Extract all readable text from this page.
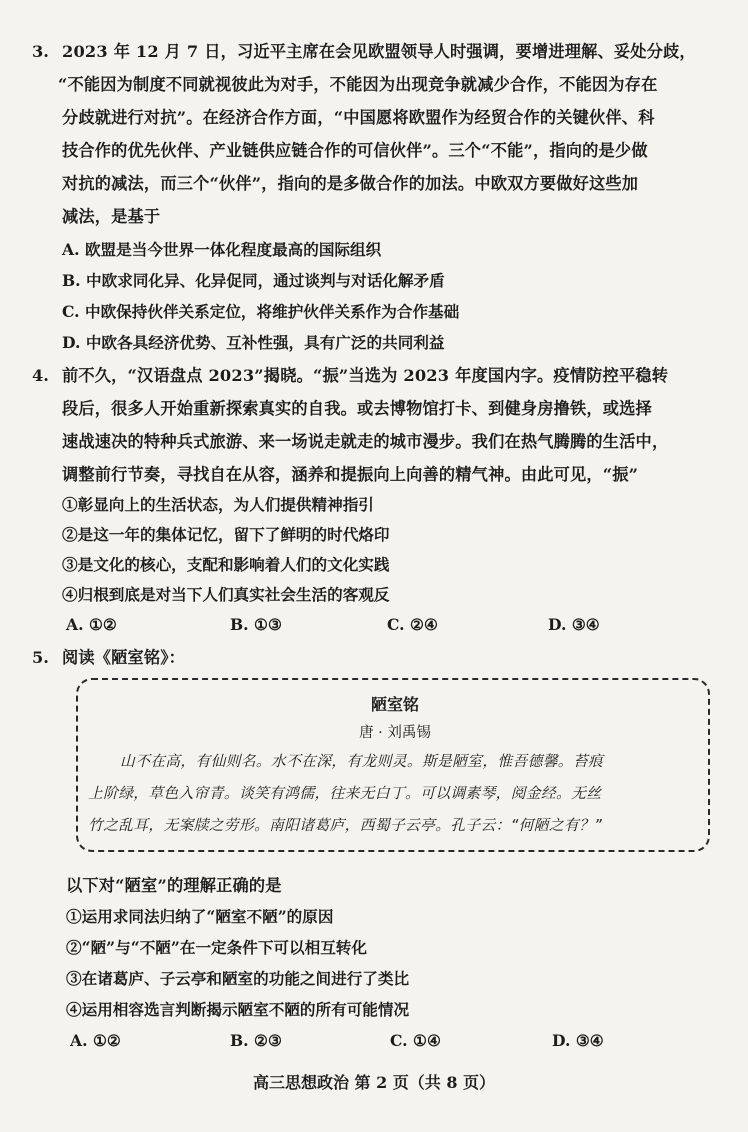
3. 2023 年 12 月 7 日，习近平主席在会见欧盟领导人时强调，要增进理解、妥处分歧，
“不能因为制度不同就视彼此为对手，不能因为出现竞争就减少合作，不能因为存在
分歧就进行对抗”。在经济合作方面，“中国愿将欧盟作为经贸合作的关键伙伴、科
技合作的优先伙伴、产业链供应链合作的可信伙伴”。三个“不能”，指向的是少做
对抗的减法，而三个“伙伴”，指向的是多做合作的加法。中欧双方要做好这些加
减法，是基于
A. 欧盟是当今世界一体化程度最高的国际组织
B. 中欧求同化异、化异促同，通过谈判与对话化解矛盾
C. 中欧保持伙伴关系定位，将维护伙伴关系作为合作基础
D. 中欧各具经济优势、互补性强，具有广泛的共同利益
4. 前不久，“汉语盘点 2023”揭晓。“振”当选为 2023 年度国内字。疫情防控平稳转
段后，很多人开始重新探索真实的自我。或去博物馆打卡、到健身房撸铁，或选择
速战速决的特种兵式旅游、来一场说走就走的城市漫步。我们在热气腾腾的生活中，
调整前行节奏，寻找自在从容，涵养和提振向上向善的精气神。由此可见，“振”
①彰显向上的生活状态，为人们提供精神指引
②是这一年的集体记忆，留下了鲜明的时代烙印
③是文化的核心，支配和影响着人们的文化实践
④归根到底是对当下人们真实社会生活的客观反
A. ①②	B. ①③	C. ②④	D. ③④
5. 阅读《陋室铭》：
陋室铭
唐 · 刘禹锡
山不在高，有仙则名。水不在深，有龙则灵。斯是陋室，惟吾德馨。苔痕
上阶绿，草色入帘青。谈笑有鸿儒，往来无白丁。可以调素琴，阅金经。无丝
竹之乱耳，无案牍之劳形。南阳诸葛庐，西蜀子云亭。孔子云：“何陋之有？”
以下对“陋室”的理解正确的是
①运用求同法归纳了“陋室不陋”的原因
②“陋”与“不陋”在一定条件下可以相互转化
③在诸葛庐、子云亭和陋室的功能之间进行了类比
④运用相容选言判断揭示陋室不陋的所有可能情况
A. ①②	B. ②③	C. ①④	D. ③④
高三思想政治 第 2 页（共 8 页）
